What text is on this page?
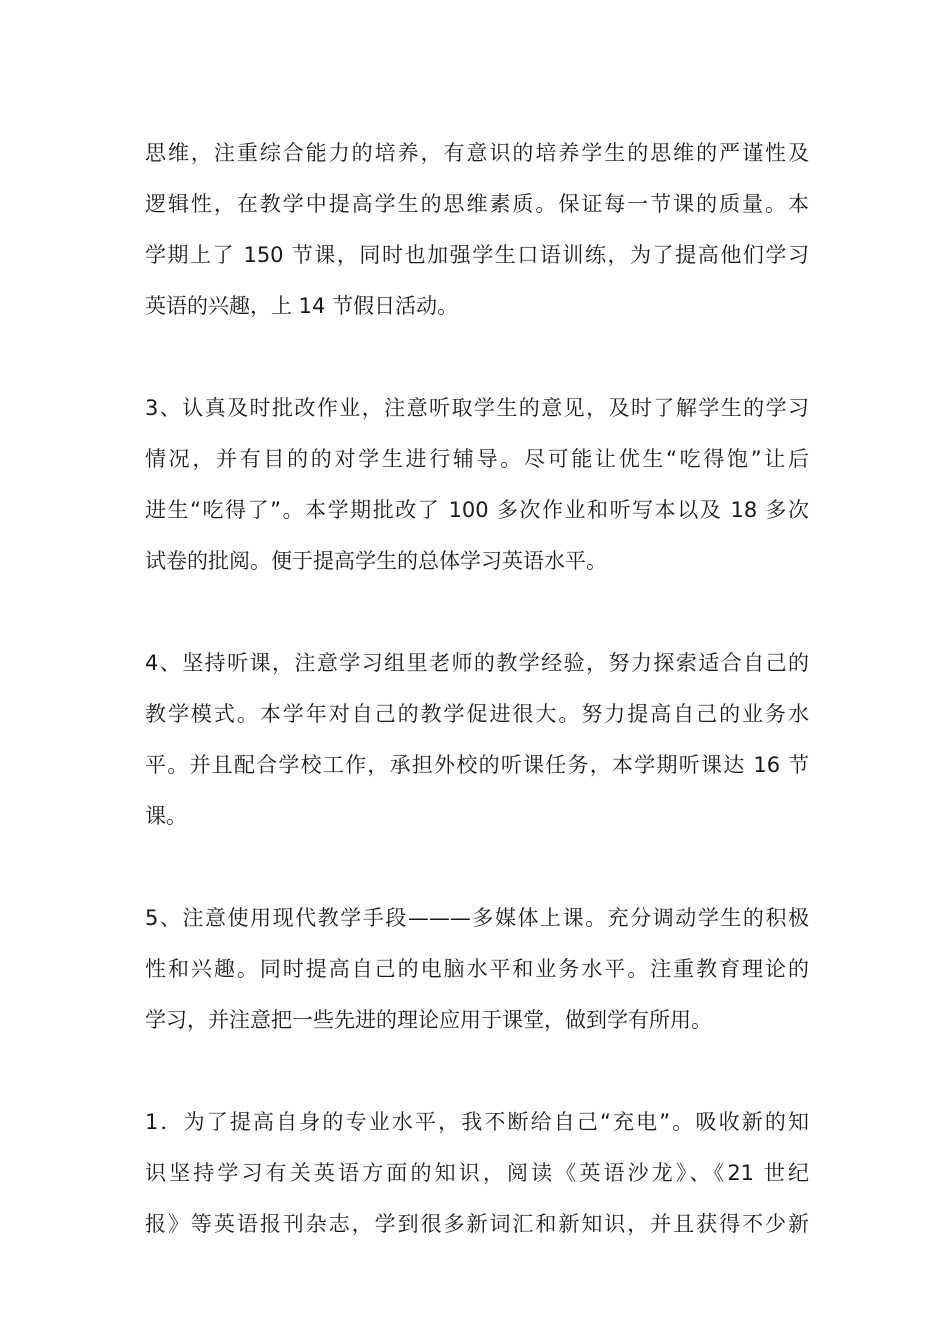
思维，注重综合能力的培养，有意识的培养学生的思维的严谨性及
逻辑性，在教学中提高学生的思维素质。保证每一节课的质量。本
学期上了 150 节课，同时也加强学生口语训练，为了提高他们学习
英语的兴趣，上 14 节假日活动。
3、认真及时批改作业，注意听取学生的意见，及时了解学生的学习
情况，并有目的的对学生进行辅导。尽可能让优生“吃得饱”让后
进生“吃得了”。本学期批改了 100 多次作业和听写本以及 18 多次
试卷的批阅。便于提高学生的总体学习英语水平。
4、坚持听课，注意学习组里老师的教学经验，努力探索适合自己的
教学模式。本学年对自己的教学促进很大。努力提高自己的业务水
平。并且配合学校工作，承担外校的听课任务，本学期听课达 16 节
课。
5、注意使用现代教学手段———多媒体上课。充分调动学生的积极
性和兴趣。同时提高自己的电脑水平和业务水平。注重教育理论的
学习，并注意把一些先进的理论应用于课堂，做到学有所用。
1．为了提高自身的专业水平，我不断给自己“充电”。吸收新的知
识坚持学习有关英语方面的知识，阅读《英语沙龙》、《21 世纪
报》等英语报刊杂志，学到很多新词汇和新知识，并且获得不少新
